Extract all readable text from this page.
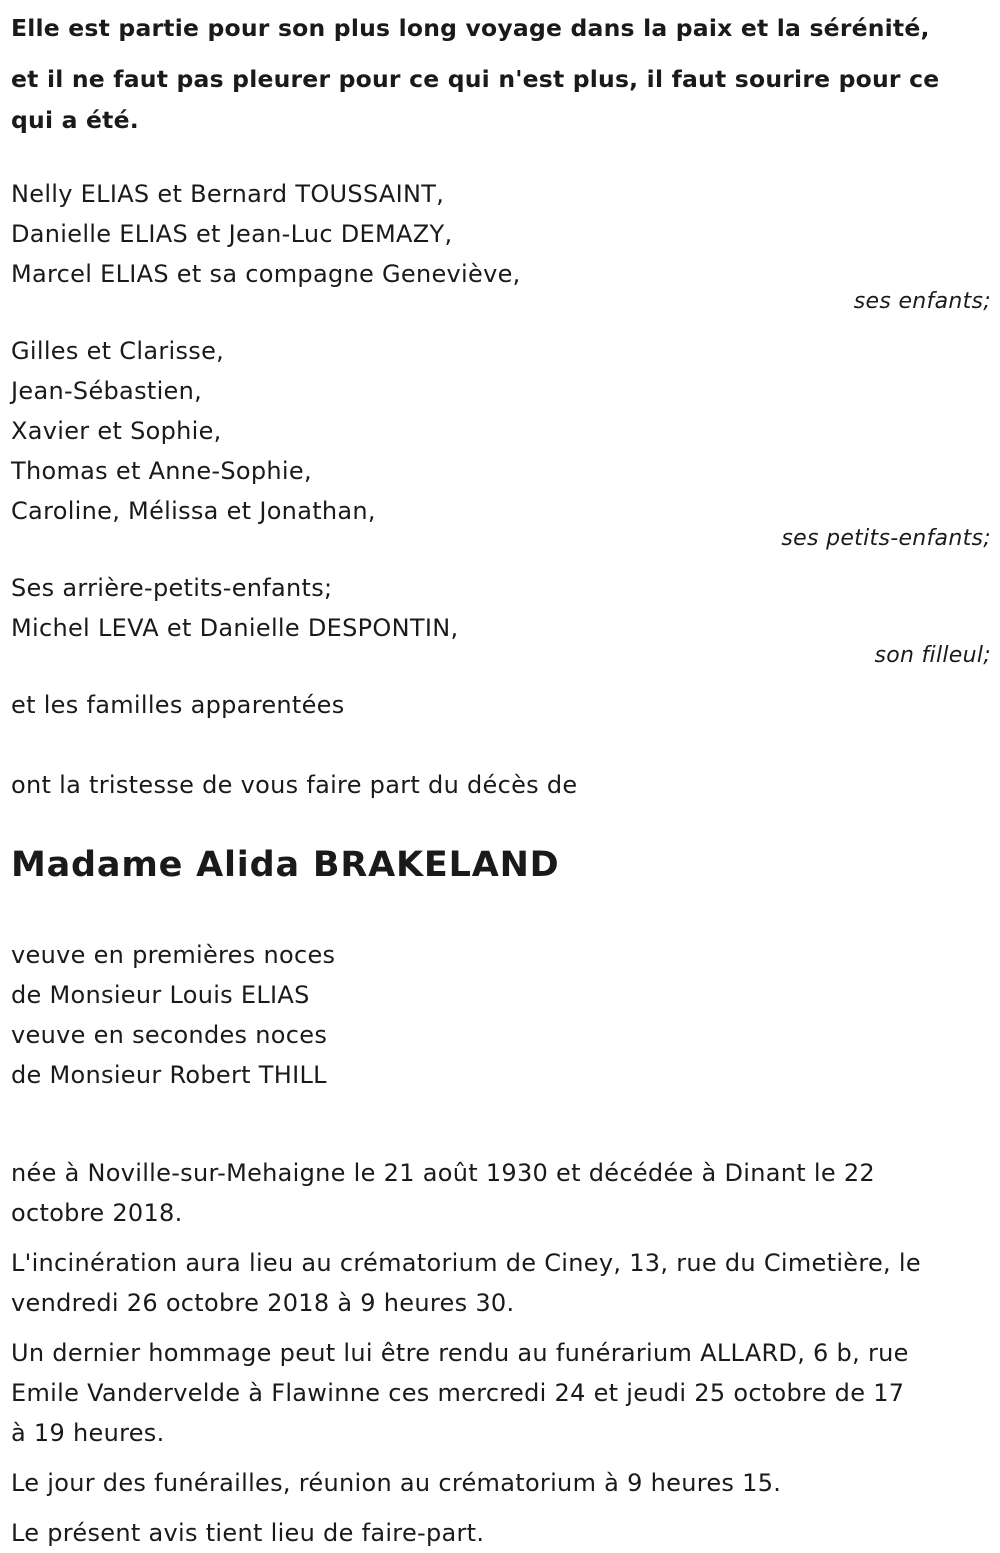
Elle est partie pour son plus long voyage dans la paix et la sérénité,
et il ne faut pas pleurer pour ce qui n'est plus, il faut sourire pour ce
qui a été.
Nelly ELIAS et Bernard TOUSSAINT,
Danielle ELIAS et Jean-Luc DEMAZY,
Marcel ELIAS et sa compagne Geneviève,
ses enfants;
Gilles et Clarisse,
Jean-Sébastien,
Xavier et Sophie,
Thomas et Anne-Sophie,
Caroline, Mélissa et Jonathan,
ses petits-enfants;
Ses arrière-petits-enfants;
Michel LEVA et Danielle DESPONTIN,
son filleul;
et les familles apparentées
ont la tristesse de vous faire part du décès de
Madame Alida BRAKELAND
veuve en premières noces
de Monsieur Louis ELIAS
veuve en secondes noces
de Monsieur Robert THILL
née à Noville-sur-Mehaigne le 21 août 1930 et décédée à Dinant le 22
octobre 2018.
L'incinération aura lieu au crématorium de Ciney, 13, rue du Cimetière, le
vendredi 26 octobre 2018 à 9 heures 30.
Un dernier hommage peut lui être rendu au funérarium ALLARD, 6 b, rue
Emile Vandervelde à Flawinne ces mercredi 24 et jeudi 25 octobre de 17
à 19 heures.
Le jour des funérailles, réunion au crématorium à 9 heures 15.
Le présent avis tient lieu de faire-part.
